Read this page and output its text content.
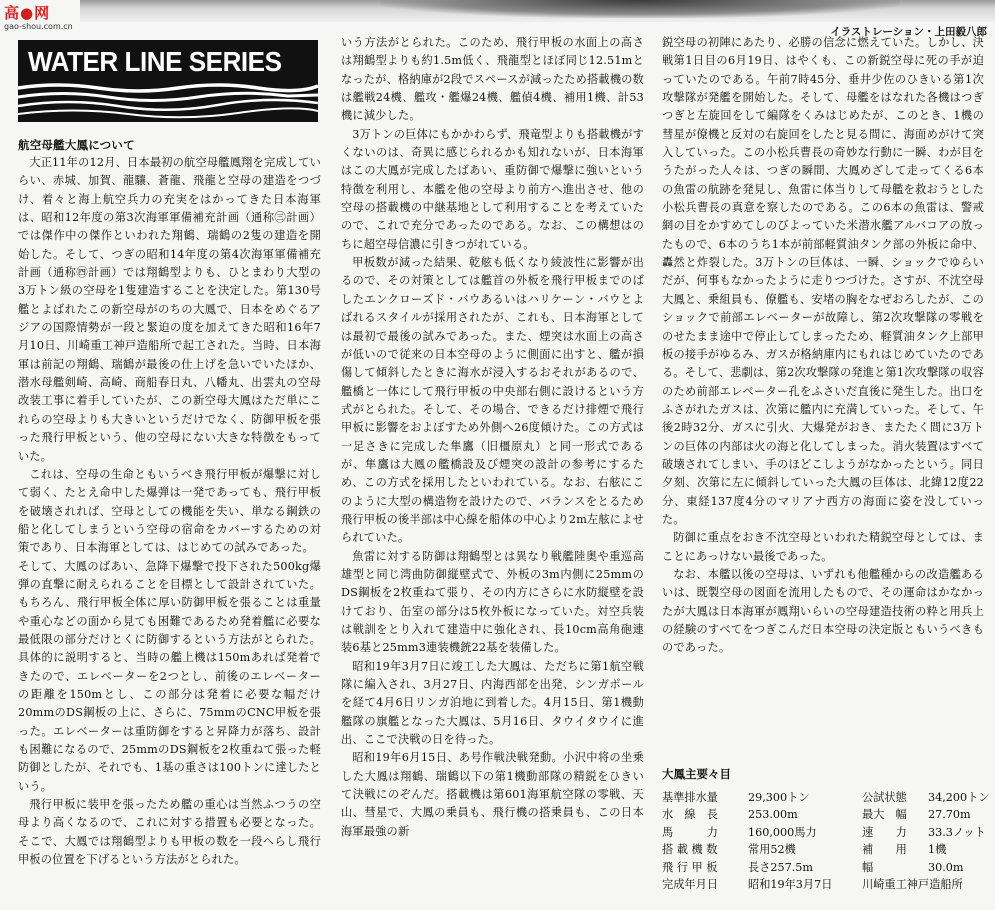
高●网
gao-shou.com.cn	イラストレーション・上田毅八郎
WATER LINE SERIES
航空母艦大鳳について

大正11年の12月、日本最初の航空母艦鳳翔を完成していらい、赤城、加賀、龍驤、蒼龍、飛龍と空母の建造をつづけ、着々と海上航空兵力の充実をはかってきた日本海軍は、昭和12年度の第3次海軍軍備補充計画（通称㊂計画）では傑作中の傑作といわれた翔鶴、瑞鶴の2隻の建造を開始した。そして、つぎの昭和14年度の第4次海軍軍備補充計画（通称㊃計画）では翔鶴型よりも、ひとまわり大型の3万トン級の空母を1隻建造することを決定した。第130号艦とよばれたこの新空母がのちの大鳳で、日本をめぐるアジアの国際情勢が一段と緊迫の度を加えてきた昭和16年7月10日、川崎重工神戸造船所で起工された。当時、日本海軍は前記の翔鶴、瑞鶴が最後の仕上げを急いでいたほか、潜水母艦剣崎、高崎、商船春日丸、八幡丸、出雲丸の空母改装工事に着手していたが、この新空母大鳳はただ単にこれらの空母よりも大きいというだけでなく、防御甲板を張った飛行甲板という、他の空母にない大きな特徴をもっていた。

これは、空母の生命ともいうべき飛行甲板が爆撃に対して弱く、たとえ命中した爆弾は一発であっても、飛行甲板を破壊されれば、空母としての機能を失い、単なる鋼鉄の船と化してしまうという空母の宿命をカバーするための対策であり、日本海軍としては、はじめての試みであった。

そして、大鳳のばあい、急降下爆撃で投下された500kg爆弾の直撃に耐えられることを目標として設計されていた。もちろん、飛行甲板全体に厚い防御甲板を張ることは重量や重心などの面から見ても困難であるため発着艦に必要な最低限の部分だけとくに防御するという方法がとられた。具体的に説明すると、当時の艦上機は150mあれば発着できたので、エレベーターを2つとし、前後のエレベーターの距離を150mとし、この部分は発着に必要な幅だけ20mmのDS鋼板の上に、さらに、75mmのCNC甲板を張った。エレベーターは重防御をすると昇降力が落ち、設計も困難になるので、25mmのDS鋼板を2枚重ねて張った軽防御としたが、それでも、1基の重さは100トンに達したという。

飛行甲板に装甲を張ったため艦の重心は当然ふつうの空母より高くなるので、これに対する措置も必要となった。そこで、大鳳では翔鶴型よりも甲板の数を一段へらし飛行甲板の位置を下げるという方法がとられた。

いう方法がとられた。このため、飛行甲板の水面上の高さは翔鶴型よりも約1.5m低く、飛龍型とほぼ同じ12.51mとなったが、格納庫が2段でスペースが減ったため搭載機の数は艦戦24機、艦攻・艦爆24機、艦偵4機、補用1機、計53機に減少した。

3万トンの巨体にもかかわらず、飛竜型よりも搭載機がすくないのは、奇異に感じられるかも知れないが、日本海軍はこの大鳳が完成したばあい、重防御で爆撃に強いという特徴を利用し、本艦を他の空母より前方へ進出させ、他の空母の搭載機の中継基地として利用することを考えていたので、これで充分であったのである。なお、この構想はのちに超空母信濃に引きつがれている。

甲板数が減った結果、乾舷も低くなり綾波性に影響が出るので、その対策としては艦首の外板を飛行甲板までのばしたエンクローズド・バウあるいはハリケーン・バウとよばれるスタイルが採用されたが、これも、日本海軍としては最初で最後の試みであった。また、煙突は水面上の高さが低いので従来の日本空母のように側面に出すと、艦が損傷して傾斜したときに海水が浸入するおそれがあるので、艦橋と一体にして飛行甲板の中央部右側に設けるという方式がとられた。そして、その場合、できるだけ排煙で飛行甲板に影響をおよぼすため外側へ26度傾けた。この方式は一足さきに完成した隼鷹（旧橿原丸）と同一形式であるが、隼鷹は大鳳の艦橋設及び煙突の設計の参考にするため、この方式を採用したといわれている。なお、右舷にこのように大型の構造物を設けたので、バランスをとるため飛行甲板の後半部は中心線を船体の中心より2m左舷によせられていた。

魚雷に対する防御は翔鶴型とは異なり戦艦陸奥や重巡高雄型と同じ湾曲防御縦壁式で、外板の3m内側に25mmのDS鋼板を2枚重ねて張り、その内方にさらに水防縦壁を設けており、缶室の部分は5枚外板になっていた。対空兵装は戦訓をとり入れて建造中に強化され、長10cm高角砲連装6基と25mm3連装機銃22基を装備した。

昭和19年3月7日に竣工した大鳳は、ただちに第1航空戦隊に編入され、3月27日、内海西部を出発、シンガポールを経て4月6日リンガ泊地に到着した。4月15日、第1機動艦隊の旗艦となった大鳳は、5月16日、タウイタウイに進出、ここで決戦の日を待った。

昭和19年6月15日、あ号作戦決戦発動。小沢中将の坐乗した大鳳は翔鶴、瑞鶴以下の第1機動部隊の精鋭をひきいて決戦にのぞんだ。搭載機は第601海軍航空隊の零戦、天山、彗星で、大鳳の乗員も、飛行機の搭乗員も、この日本海軍最強の新

鋭空母の初陣にあたり、必勝の信念に燃えていた。しかし、決戦第1日目の6月19日、はやくも、この新鋭空母に死の手が迫っていたのである。午前7時45分、垂井少佐のひきいる第1次攻撃隊が発艦を開始した。そして、母艦をはなれた各機はつぎつぎと左旋回をして編隊をくみはじめたが、このとき、1機の彗星が僚機と反対の右旋回をしたと見る間に、海面めがけて突入していった。この小松兵曹長の奇妙な行動に一瞬、わが目をうたがった人々は、つぎの瞬間、大鳳めざして走ってくる6本の魚雷の航跡を発見し、魚雷に体当りして母艦を救おうとした小松兵曹長の真意を察したのである。この6本の魚雷は、警戒網の目をかすめてしのびよっていた米潜水艦アルバコアの放ったもので、6本のうち1本が前部軽質油タンク部の外板に命中、轟然と炸裂した。3万トンの巨体は、一瞬、ショックでゆらいだが、何事もなかったように走りつづけた。さすが、不沈空母大鳳と、乗組員も、僚艦も、安堵の胸をなぜおろしたが、このショックで前部エレベーターが故障し、第2次攻撃隊の零戦をのせたまま途中で停止してしまったため、軽質油タンク上部甲板の接手がゆるみ、ガスが格納庫内にもれはじめていたのである。そして、悲劇は、第2次攻撃隊の発進と第1次攻撃隊の収容のため前部エレベーター孔をふさいだ直後に発生した。出口をふさがれたガスは、次第に艦内に充満していった。そして、午後2時32分、ガスに引火、大爆発がおき、またたく間に3万トンの巨体の内部は火の海と化してしまった。消火装置はすべて破壊されてしまい、手のほどこしようがなかったという。同日夕刻、次第に左に傾斜していった大鳳の巨体は、北緯12度22分、東経137度4分のマリアナ西方の海面に姿を没していった。

防御に重点をおき不沈空母といわれた精鋭空母としては、まことにあっけない最後であった。

なお、本艦以後の空母は、いずれも他艦種からの改造艦あるいは、既製空母の図面を流用したもので、その運命はかなかったが大鳳は日本海軍が鳳翔いらいの空母建造技術の粋と用兵上の経験のすべてをつぎこんだ日本空母の決定版ともいうべきものであった。

大鳳主要々目
基準排水量	29,300トン	公試状態	34,200トン
水　線　長	253.00m	最大　幅	27.70m
馬　　　力	160,000馬力	速　　力	33.3ノット
搭 載 機 数	常用52機	補　　用	1機
飛 行 甲 板	長さ257.5m	幅	30.0m
完成年月日	昭和19年3月7日	川崎重工神戸造船所
